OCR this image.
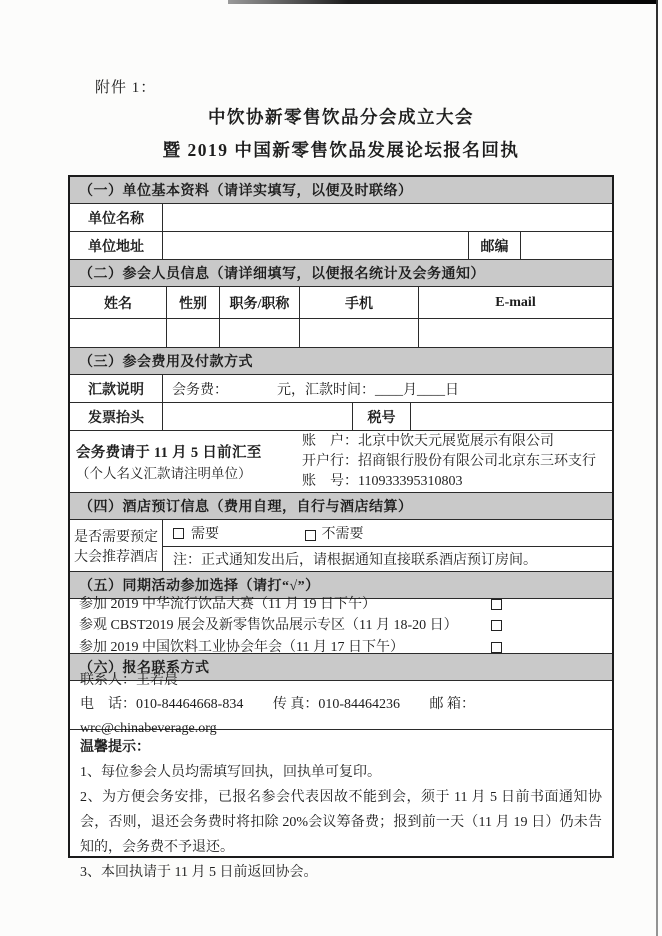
附件 1：
中饮协新零售饮品分会成立大会
暨 2019 中国新零售饮品发展论坛报名回执
（一）单位基本资料（请详实填写，以便及时联络）
单位名称
单位地址	邮编
（二）参会人员信息（请详细填写，以便报名统计及会务通知）
姓名	性别	职务/职称	手机	E-mail
（三）参会费用及付款方式
汇款说明	会务费：              元，汇款时间：____月____日
发票抬头	税号
会务费请于 11 月 5 日前汇至
（个人名义汇款请注明单位）
账　户：北京中饮天元展览展示有限公司
开户行：招商银行股份有限公司北京东三环支行
账　号：110933395310803
（四）酒店预订信息（费用自理，自行与酒店结算）
是否需要预定
大会推荐酒店
需要	不需要
注：正式通知发出后，请根据通知直接联系酒店预订房间。
（五）同期活动参加选择（请打“√”）
参加 2019 中华流行饮品大赛（11 月 19 日下午）
参观 CBST2019 展会及新零售饮品展示专区（11 月 18-20 日）
参加 2019 中国饮料工业协会年会（11 月 17 日下午）
（六）报名联系方式
联系人：王若晨
电　话：010-84464668-834 传 真：010-84464236 邮 箱：wrc@chinabeverage.org
温馨提示：
1、每位参会人员均需填写回执，回执单可复印。
2、为方便会务安排，已报名参会代表因故不能到会，须于 11 月 5 日前书面通知协会，否则，退还会务费时将扣除 20%会议筹备费；报到前一天（11 月 19 日）仍未告知的，会务费不予退还。
3、本回执请于 11 月 5 日前返回协会。
